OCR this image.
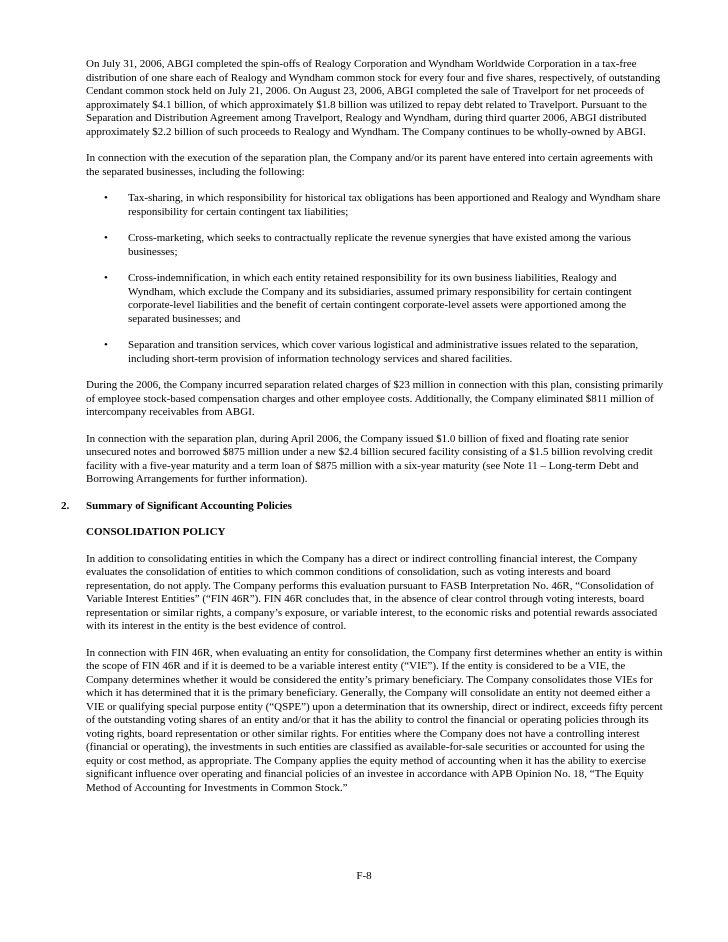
On July 31, 2006, ABGI completed the spin-offs of Realogy Corporation and Wyndham Worldwide Corporation in a tax-free distribution of one share each of Realogy and Wyndham common stock for every four and five shares, respectively, of outstanding Cendant common stock held on July 21, 2006. On August 23, 2006, ABGI completed the sale of Travelport for net proceeds of approximately $4.1 billion, of which approximately $1.8 billion was utilized to repay debt related to Travelport. Pursuant to the Separation and Distribution Agreement among Travelport, Realogy and Wyndham, during third quarter 2006, ABGI distributed approximately $2.2 billion of such proceeds to Realogy and Wyndham. The Company continues to be wholly-owned by ABGI.

In connection with the execution of the separation plan, the Company and/or its parent have entered into certain agreements with the separated businesses, including the following:

• Tax-sharing, in which responsibility for historical tax obligations has been apportioned and Realogy and Wyndham share responsibility for certain contingent tax liabilities;

• Cross-marketing, which seeks to contractually replicate the revenue synergies that have existed among the various businesses;

• Cross-indemnification, in which each entity retained responsibility for its own business liabilities, Realogy and Wyndham, which exclude the Company and its subsidiaries, assumed primary responsibility for certain contingent corporate-level liabilities and the benefit of certain contingent corporate-level assets were apportioned among the separated businesses; and

• Separation and transition services, which cover various logistical and administrative issues related to the separation, including short-term provision of information technology services and shared facilities.

During the 2006, the Company incurred separation related charges of $23 million in connection with this plan, consisting primarily of employee stock-based compensation charges and other employee costs. Additionally, the Company eliminated $811 million of intercompany receivables from ABGI.

In connection with the separation plan, during April 2006, the Company issued $1.0 billion of fixed and floating rate senior unsecured notes and borrowed $875 million under a new $2.4 billion secured facility consisting of a $1.5 billion revolving credit facility with a five-year maturity and a term loan of $875 million with a six-year maturity (see Note 11 – Long-term Debt and Borrowing Arrangements for further information).

2. Summary of Significant Accounting Policies

CONSOLIDATION POLICY

In addition to consolidating entities in which the Company has a direct or indirect controlling financial interest, the Company evaluates the consolidation of entities to which common conditions of consolidation, such as voting interests and board representation, do not apply. The Company performs this evaluation pursuant to FASB Interpretation No. 46R, “Consolidation of Variable Interest Entities” (“FIN 46R”). FIN 46R concludes that, in the absence of clear control through voting interests, board representation or similar rights, a company’s exposure, or variable interest, to the economic risks and potential rewards associated with its interest in the entity is the best evidence of control.

In connection with FIN 46R, when evaluating an entity for consolidation, the Company first determines whether an entity is within the scope of FIN 46R and if it is deemed to be a variable interest entity (“VIE”). If the entity is considered to be a VIE, the Company determines whether it would be considered the entity’s primary beneficiary. The Company consolidates those VIEs for which it has determined that it is the primary beneficiary. Generally, the Company will consolidate an entity not deemed either a VIE or qualifying special purpose entity (“QSPE”) upon a determination that its ownership, direct or indirect, exceeds fifty percent of the outstanding voting shares of an entity and/or that it has the ability to control the financial or operating policies through its voting rights, board representation or other similar rights. For entities where the Company does not have a controlling interest (financial or operating), the investments in such entities are classified as available-for-sale securities or accounted for using the equity or cost method, as appropriate. The Company applies the equity method of accounting when it has the ability to exercise significant influence over operating and financial policies of an investee in accordance with APB Opinion No. 18, “The Equity Method of Accounting for Investments in Common Stock.”

F-8
